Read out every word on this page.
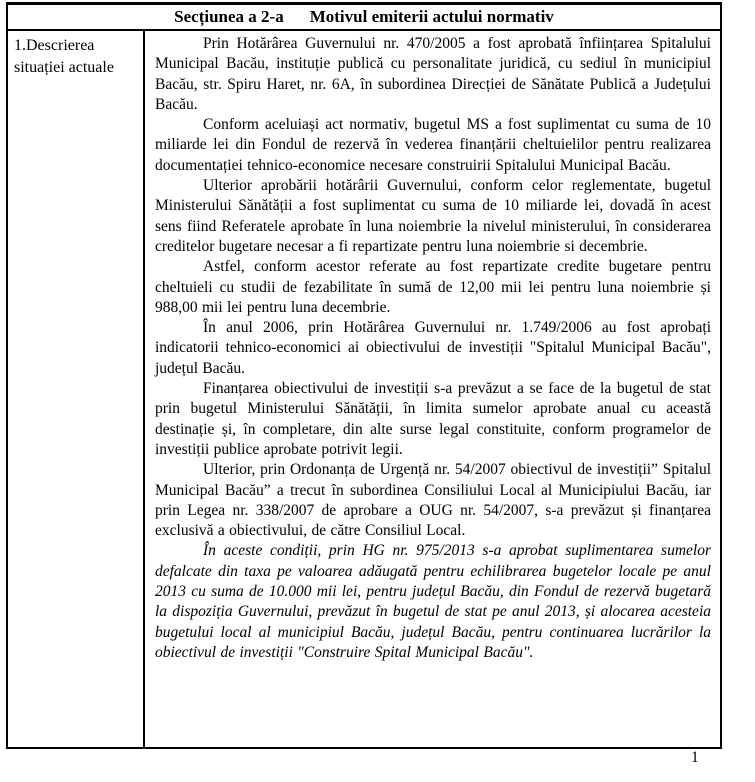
Secțiunea a 2-a Motivul emiterii actului normativ
1.Descrierea situației actuale

Prin Hotărârea Guvernului nr. 470/2005 a fost aprobată înființarea Spitalului Municipal Bacău, instituție publică cu personalitate juridică, cu sediul în municipiul Bacău, str. Spiru Haret, nr. 6A, în subordinea Direcției de Sănătate Publică a Județului Bacău.

Conform aceluiași act normativ, bugetul MS a fost suplimentat cu suma de 10 miliarde lei din Fondul de rezervă în vederea finanțării cheltuielilor pentru realizarea documentației tehnico-economice necesare construirii Spitalului Municipal Bacău.

Ulterior aprobării hotărârii Guvernului, conform celor reglementate, bugetul Ministerului Sănătății a fost suplimentat cu suma de 10 miliarde lei, dovadă în acest sens fiind Referatele aprobate în luna noiembrie la nivelul ministerului, în considerarea creditelor bugetare necesar a fi repartizate pentru luna noiembrie si decembrie.

Astfel, conform acestor referate au fost repartizate credite bugetare pentru cheltuieli cu studii de fezabilitate în sumă de 12,00 mii lei pentru luna noiembrie și 988,00 mii lei pentru luna decembrie.

În anul 2006, prin Hotărârea Guvernului nr. 1.749/2006 au fost aprobați indicatorii tehnico-economici ai obiectivului de investiții "Spitalul Municipal Bacău", județul Bacău.

Finanțarea obiectivului de investiții s-a prevăzut a se face de la bugetul de stat prin bugetul Ministerului Sănătății, în limita sumelor aprobate anual cu această destinație și, în completare, din alte surse legal constituite, conform programelor de investiții publice aprobate potrivit legii.

Ulterior, prin Ordonanța de Urgență nr. 54/2007 obiectivul de investiții” Spitalul Municipal Bacău” a trecut în subordinea Consiliului Local al Municipiului Bacău, iar prin Legea nr. 338/2007 de aprobare a OUG nr. 54/2007, s-a prevăzut și finanțarea exclusivă a obiectivului, de către Consiliul Local.

În aceste condiții, prin HG nr. 975/2013 s-a aprobat suplimentarea sumelor defalcate din taxa pe valoarea adăugată pentru echilibrarea bugetelor locale pe anul 2013 cu suma de 10.000 mii lei, pentru județul Bacău, din Fondul de rezervă bugetară la dispoziția Guvernului, prevăzut în bugetul de stat pe anul 2013, și alocarea acesteia bugetului local al municipiul Bacău, județul Bacău, pentru continuarea lucrărilor la obiectivul de investiții "Construire Spital Municipal Bacău".

1
